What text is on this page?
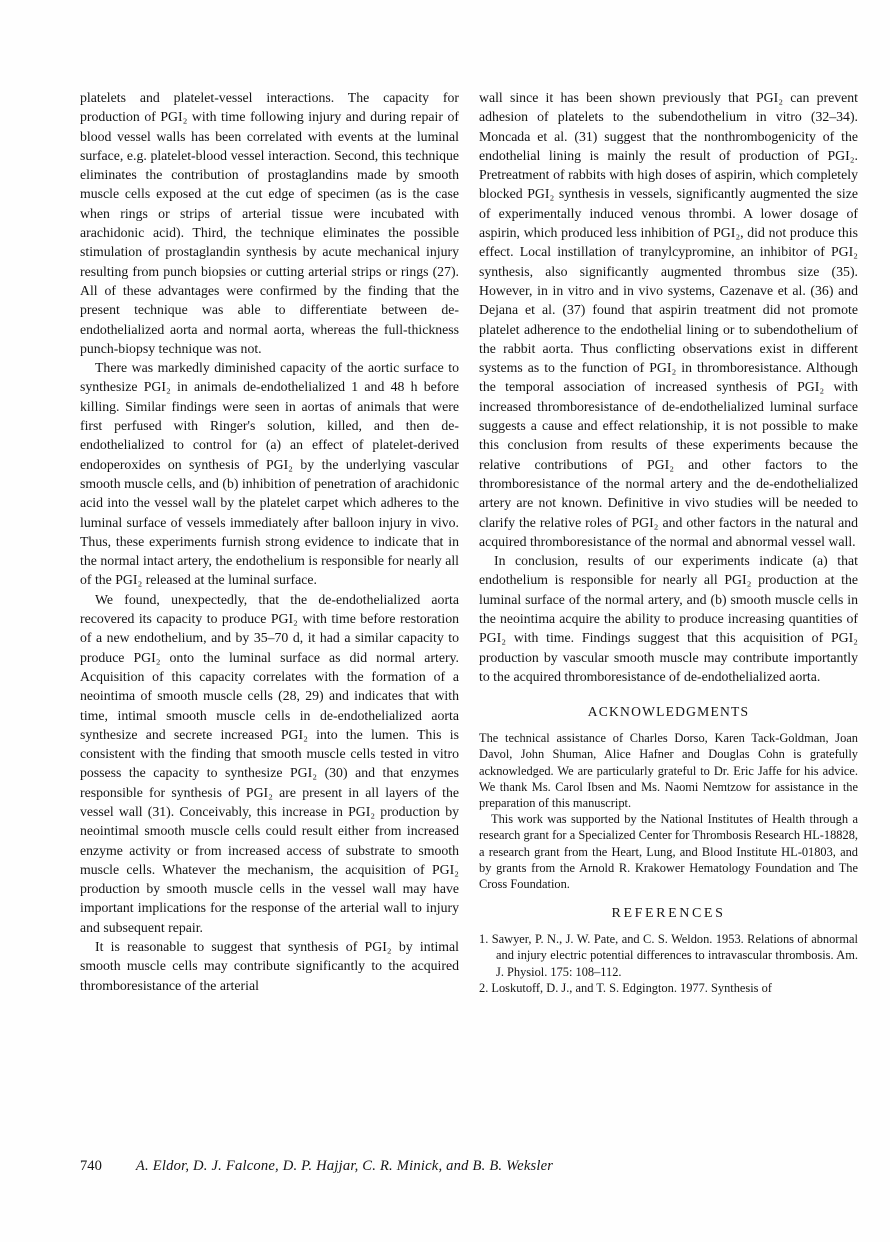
platelets and platelet-vessel interactions. The capacity for production of PGI₂ with time following injury and during repair of blood vessel walls has been correlated with events at the luminal surface, e.g. platelet-blood vessel interaction. Second, this technique eliminates the contribution of prostaglandins made by smooth muscle cells exposed at the cut edge of specimen (as is the case when rings or strips of arterial tissue were incubated with arachidonic acid). Third, the technique eliminates the possible stimulation of prostaglandin synthesis by acute mechanical injury resulting from punch biopsies or cutting arterial strips or rings (27). All of these advantages were confirmed by the finding that the present technique was able to differentiate between de-endothelialized aorta and normal aorta, whereas the full-thickness punch-biopsy technique was not.

There was markedly diminished capacity of the aortic surface to synthesize PGI₂ in animals de-endothelialized 1 and 48 h before killing. Similar findings were seen in aortas of animals that were first perfused with Ringer's solution, killed, and then de-endothelialized to control for (a) an effect of platelet-derived endoperoxides on synthesis of PGI₂ by the underlying vascular smooth muscle cells, and (b) inhibition of penetration of arachidonic acid into the vessel wall by the platelet carpet which adheres to the luminal surface of vessels immediately after balloon injury in vivo. Thus, these experiments furnish strong evidence to indicate that in the normal intact artery, the endothelium is responsible for nearly all of the PGI₂ released at the luminal surface.

We found, unexpectedly, that the de-endothelialized aorta recovered its capacity to produce PGI₂ with time before restoration of a new endothelium, and by 35–70 d, it had a similar capacity to produce PGI₂ onto the luminal surface as did normal artery. Acquisition of this capacity correlates with the formation of a neointima of smooth muscle cells (28, 29) and indicates that with time, intimal smooth muscle cells in de-endothelialized aorta synthesize and secrete increased PGI₂ into the lumen. This is consistent with the finding that smooth muscle cells tested in vitro possess the capacity to synthesize PGI₂ (30) and that enzymes responsible for synthesis of PGI₂ are present in all layers of the vessel wall (31). Conceivably, this increase in PGI₂ production by neointimal smooth muscle cells could result either from increased enzyme activity or from increased access of substrate to smooth muscle cells. Whatever the mechanism, the acquisition of PGI₂ production by smooth muscle cells in the vessel wall may have important implications for the response of the arterial wall to injury and subsequent repair.

It is reasonable to suggest that synthesis of PGI₂ by intimal smooth muscle cells may contribute significantly to the acquired thromboresistance of the arterial

wall since it has been shown previously that PGI₂ can prevent adhesion of platelets to the subendothelium in vitro (32–34). Moncada et al. (31) suggest that the nonthrombogenicity of the endothelial lining is mainly the result of production of PGI₂. Pretreatment of rabbits with high doses of aspirin, which completely blocked PGI₂ synthesis in vessels, significantly augmented the size of experimentally induced venous thrombi. A lower dosage of aspirin, which produced less inhibition of PGI₂, did not produce this effect. Local instillation of tranylcypromine, an inhibitor of PGI₂ synthesis, also significantly augmented thrombus size (35). However, in in vitro and in vivo systems, Cazenave et al. (36) and Dejana et al. (37) found that aspirin treatment did not promote platelet adherence to the endothelial lining or to subendothelium of the rabbit aorta. Thus conflicting observations exist in different systems as to the function of PGI₂ in thromboresistance. Although the temporal association of increased synthesis of PGI₂ with increased thromboresistance of de-endothelialized luminal surface suggests a cause and effect relationship, it is not possible to make this conclusion from results of these experiments because the relative contributions of PGI₂ and other factors to the thromboresistance of the normal artery and the de-endothelialized artery are not known. Definitive in vivo studies will be needed to clarify the relative roles of PGI₂ and other factors in the natural and acquired thromboresistance of the normal and abnormal vessel wall.

In conclusion, results of our experiments indicate (a) that endothelium is responsible for nearly all PGI₂ production at the luminal surface of the normal artery, and (b) smooth muscle cells in the neointima acquire the ability to produce increasing quantities of PGI₂ with time. Findings suggest that this acquisition of PGI₂ production by vascular smooth muscle may contribute importantly to the acquired thromboresistance of de-endothelialized aorta.

ACKNOWLEDGMENTS

The technical assistance of Charles Dorso, Karen Tack-Goldman, Joan Davol, John Shuman, Alice Hafner and Douglas Cohn is gratefully acknowledged. We are particularly grateful to Dr. Eric Jaffe for his advice. We thank Ms. Carol Ibsen and Ms. Naomi Nemtzow for assistance in the preparation of this manuscript.

This work was supported by the National Institutes of Health through a research grant for a Specialized Center for Thrombosis Research HL-18828, a research grant from the Heart, Lung, and Blood Institute HL-01803, and by grants from the Arnold R. Krakower Hematology Foundation and The Cross Foundation.

REFERENCES
1. Sawyer, P. N., J. W. Pate, and C. S. Weldon. 1953. Relations of abnormal and injury electric potential differences to intravascular thrombosis. Am. J. Physiol. 175: 108–112.
2. Loskutoff, D. J., and T. S. Edgington. 1977. Synthesis of
740 A. Eldor, D. J. Falcone, D. P. Hajjar, C. R. Minick, and B. B. Weksler
